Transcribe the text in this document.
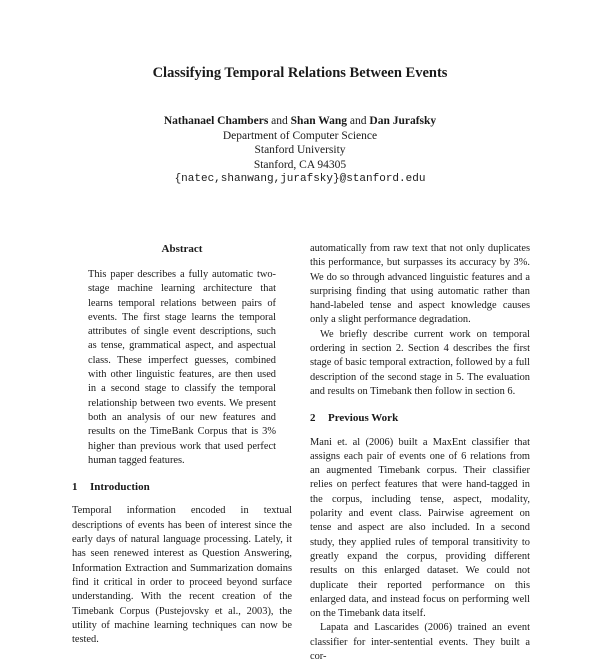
Classifying Temporal Relations Between Events
Nathanael Chambers and Shan Wang and Dan Jurafsky
Department of Computer Science
Stanford University
Stanford, CA 94305
{natec,shanwang,jurafsky}@stanford.edu
Abstract

This paper describes a fully automatic two-stage machine learning architecture that learns temporal relations between pairs of events. The first stage learns the temporal attributes of single event descriptions, such as tense, grammatical aspect, and aspectual class. These imperfect guesses, combined with other linguistic features, are then used in a second stage to classify the temporal relationship between two events. We present both an analysis of our new features and results on the TimeBank Corpus that is 3% higher than previous work that used perfect human tagged features.

1 Introduction

Temporal information encoded in textual descriptions of events has been of interest since the early days of natural language processing. Lately, it has seen renewed interest as Question Answering, Information Extraction and Summarization domains find it critical in order to proceed beyond surface understanding. With the recent creation of the Timebank Corpus (Pustejovsky et al., 2003), the utility of machine learning techniques can now be tested.

automatically from raw text that not only duplicates this performance, but surpasses its accuracy by 3%. We do so through advanced linguistic features and a surprising finding that using automatic rather than hand-labeled tense and aspect knowledge causes only a slight performance degradation.

We briefly describe current work on temporal ordering in section 2. Section 4 describes the first stage of basic temporal extraction, followed by a full description of the second stage in 5. The evaluation and results on Timebank then follow in section 6.

2 Previous Work

Mani et. al (2006) built a MaxEnt classifier that assigns each pair of events one of 6 relations from an augmented Timebank corpus. Their classifier relies on perfect features that were hand-tagged in the corpus, including tense, aspect, modality, polarity and event class. Pairwise agreement on tense and aspect are also included. In a second study, they applied rules of temporal transitivity to greatly expand the corpus, providing different results on this enlarged dataset. We could not duplicate their reported performance on this enlarged data, and instead focus on performing well on the Timebank data itself.

Lapata and Lascarides (2006) trained an event classifier for inter-sentential events. They built a cor-
